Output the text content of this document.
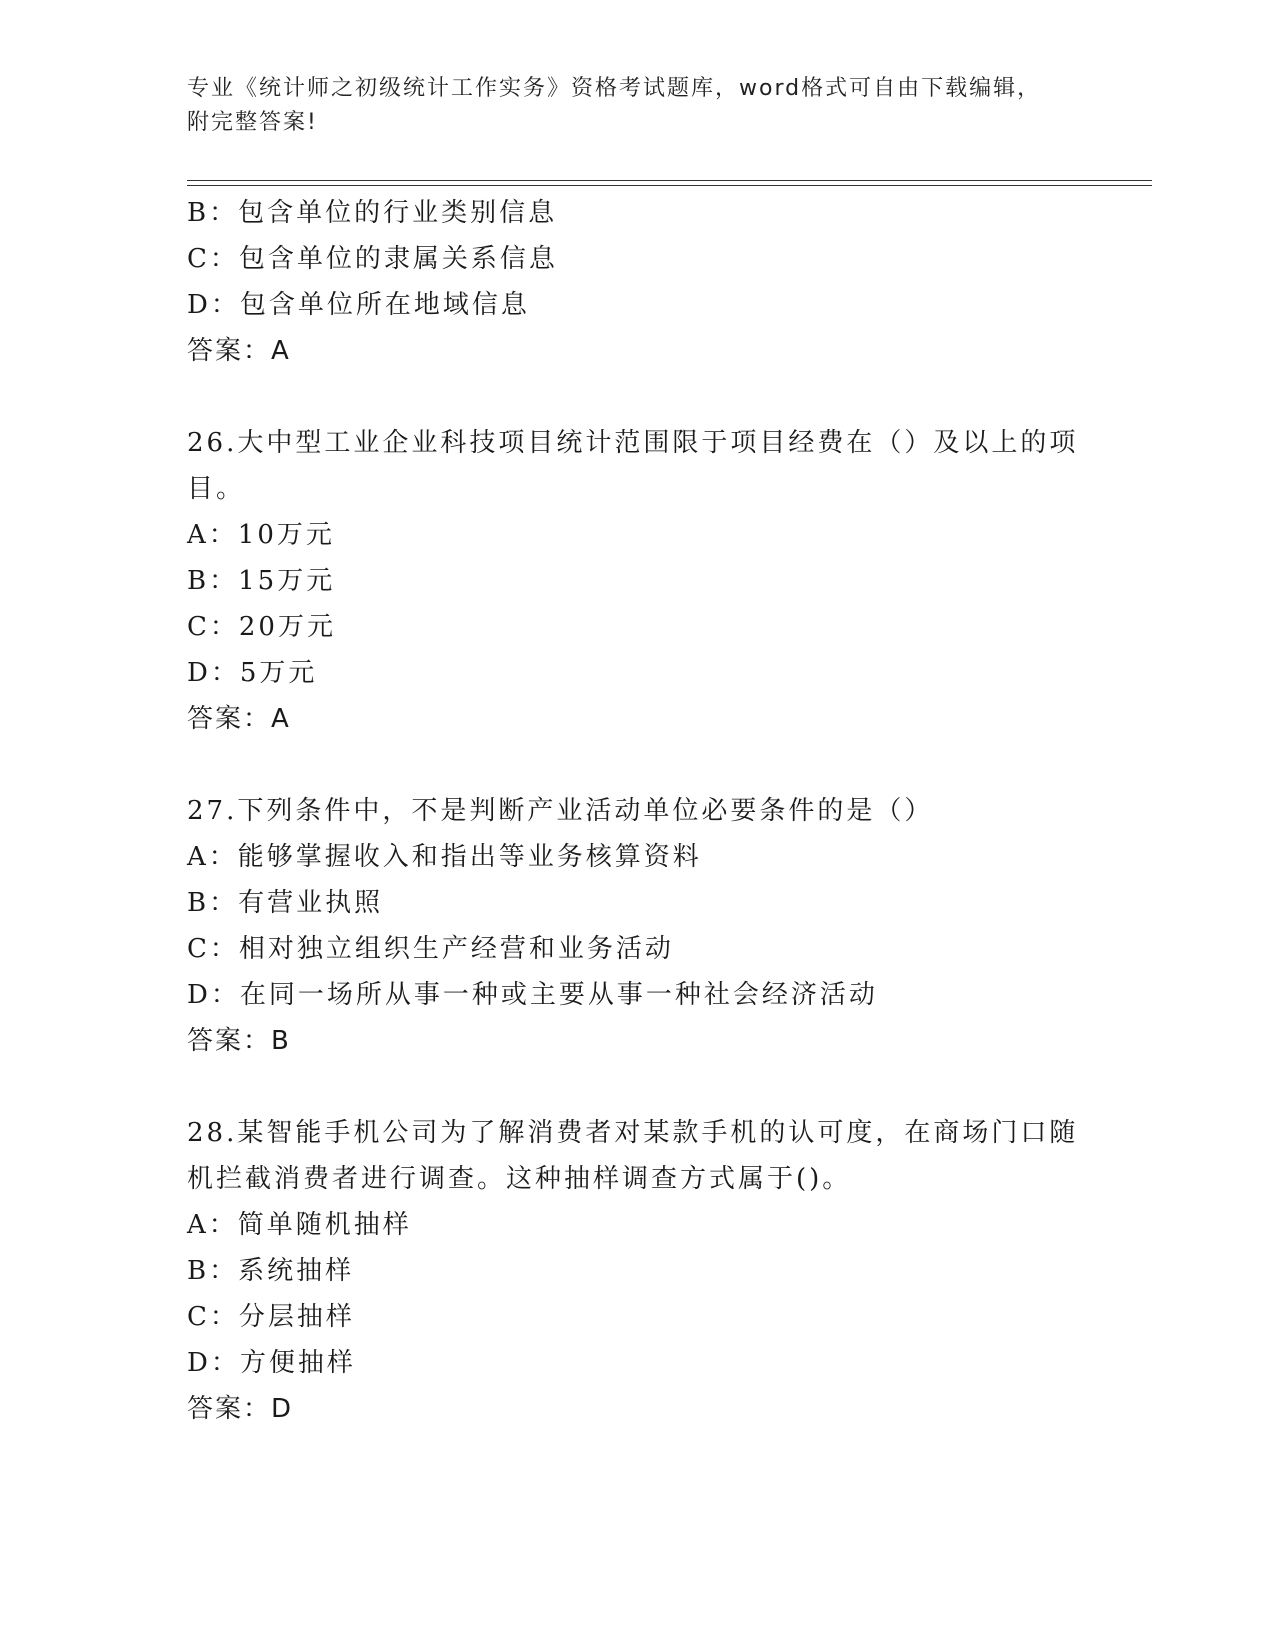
专业《统计师之初级统计工作实务》资格考试题库，word格式可自由下载编辑，
附完整答案!
B：包含单位的行业类别信息
C：包含单位的隶属关系信息
D：包含单位所在地域信息
答案：A
26.大中型工业企业科技项目统计范围限于项目经费在（）及以上的项
目。
A：10万元
B：15万元
C：20万元
D：5万元
答案：A
27.下列条件中，不是判断产业活动单位必要条件的是（）
A：能够掌握收入和指出等业务核算资料
B：有营业执照
C：相对独立组织生产经营和业务活动
D：在同一场所从事一种或主要从事一种社会经济活动
答案：B
28.某智能手机公司为了解消费者对某款手机的认可度，在商场门口随
机拦截消费者进行调查。这种抽样调查方式属于()。
A：简单随机抽样
B：系统抽样
C：分层抽样
D：方便抽样
答案：D
